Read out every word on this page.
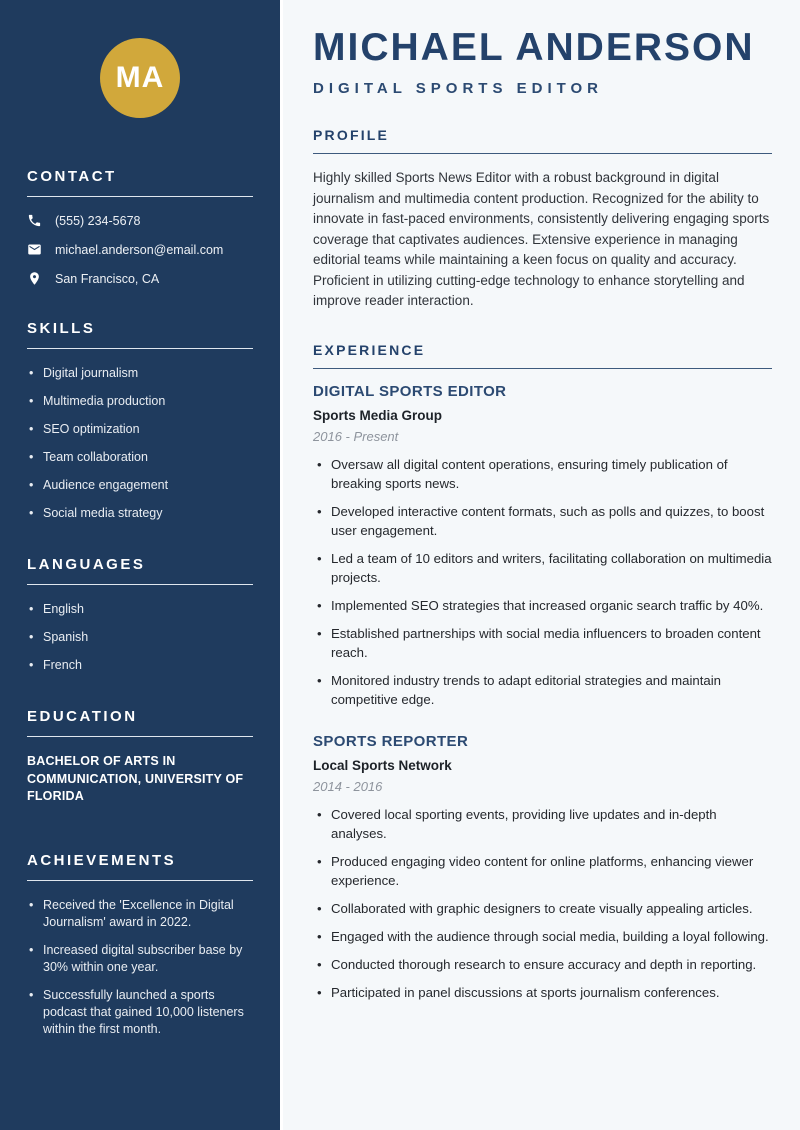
MA
CONTACT
(555) 234-5678
michael.anderson@email.com
San Francisco, CA
SKILLS
• Digital journalism
• Multimedia production
• SEO optimization
• Team collaboration
• Audience engagement
• Social media strategy
LANGUAGES
• English
• Spanish
• French
EDUCATION

BACHELOR OF ARTS IN COMMUNICATION, UNIVERSITY OF FLORIDA

ACHIEVEMENTS
• Received the 'Excellence in Digital Journalism' award in 2022.
• Increased digital subscriber base by 30% within one year.
• Successfully launched a sports podcast that gained 10,000 listeners within the first month.
MICHAEL ANDERSON
DIGITAL SPORTS EDITOR
PROFILE

Highly skilled Sports News Editor with a robust background in digital journalism and multimedia content production. Recognized for the ability to innovate in fast-paced environments, consistently delivering engaging sports coverage that captivates audiences. Extensive experience in managing editorial teams while maintaining a keen focus on quality and accuracy. Proficient in utilizing cutting-edge technology to enhance storytelling and improve reader interaction.

EXPERIENCE
DIGITAL SPORTS EDITOR
Sports Media Group
2016 - Present
• Oversaw all digital content operations, ensuring timely publication of breaking sports news.
• Developed interactive content formats, such as polls and quizzes, to boost user engagement.
• Led a team of 10 editors and writers, facilitating collaboration on multimedia projects.
• Implemented SEO strategies that increased organic search traffic by 40%.
• Established partnerships with social media influencers to broaden content reach.
• Monitored industry trends to adapt editorial strategies and maintain competitive edge.
SPORTS REPORTER
Local Sports Network
2014 - 2016
• Covered local sporting events, providing live updates and in-depth analyses.
• Produced engaging video content for online platforms, enhancing viewer experience.
• Collaborated with graphic designers to create visually appealing articles.
• Engaged with the audience through social media, building a loyal following.
• Conducted thorough research to ensure accuracy and depth in reporting.
• Participated in panel discussions at sports journalism conferences.
